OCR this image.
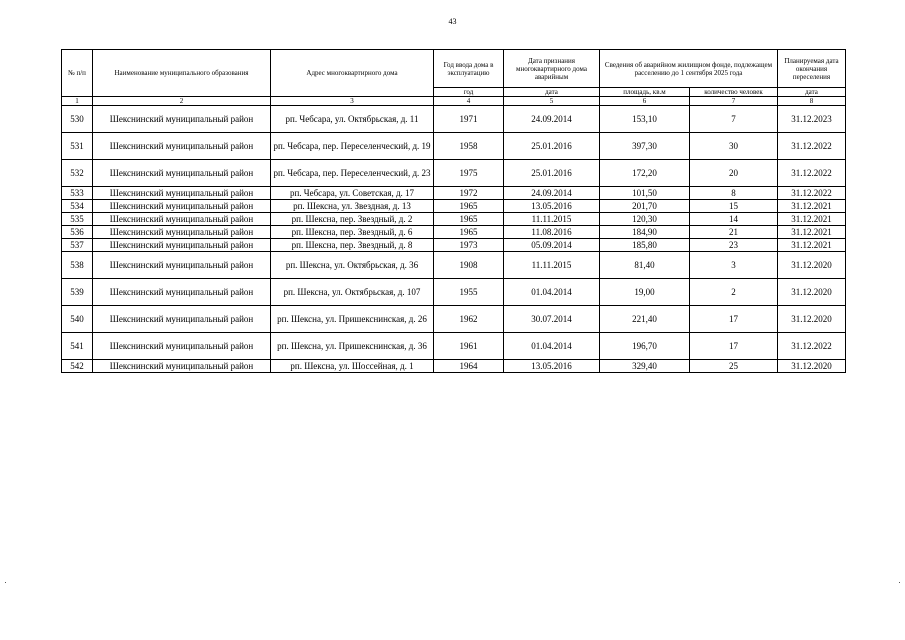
43
№ п/п	Наименование муниципального образования	Адрес многоквартирного дома	Год ввода дома в эксплуатацию	Дата признания многоквартирного дома аварийным	Сведения об аварийном жилищном фонде, подлежащем расселению до 1 сентября 2025 года		Планируемая дата окончания переселения
			год	дата	площадь, кв.м	количество человек	дата
1	2	3	4	5	6	7	8
530	Шекснинский муниципальный район	рп. Чебсара, ул. Октябрьская, д. 11	1971	24.09.2014	153,10	7	31.12.2023
531	Шекснинский муниципальный район	рп. Чебсара, пер. Переселенческий, д. 19	1958	25.01.2016	397,30	30	31.12.2022
532	Шекснинский муниципальный район	рп. Чебсара, пер. Переселенческий, д. 23	1975	25.01.2016	172,20	20	31.12.2022
533	Шекснинский муниципальный район	рп. Чебсара, ул. Советская, д. 17	1972	24.09.2014	101,50	8	31.12.2022
534	Шекснинский муниципальный район	рп. Шексна, ул. Звездная, д. 13	1965	13.05.2016	201,70	15	31.12.2021
535	Шекснинский муниципальный район	рп. Шексна, пер. Звездный, д. 2	1965	11.11.2015	120,30	14	31.12.2021
536	Шекснинский муниципальный район	рп. Шексна, пер. Звездный, д. 6	1965	11.08.2016	184,90	21	31.12.2021
537	Шекснинский муниципальный район	рп. Шексна, пер. Звездный, д. 8	1973	05.09.2014	185,80	23	31.12.2021
538	Шекснинский муниципальный район	рп. Шексна, ул. Октябрьская, д. 36	1908	11.11.2015	81,40	3	31.12.2020
539	Шекснинский муниципальный район	рп. Шексна, ул. Октябрьская, д. 107	1955	01.04.2014	19,00	2	31.12.2020
540	Шекснинский муниципальный район	рп. Шексна, ул. Пришекснинская, д. 26	1962	30.07.2014	221,40	17	31.12.2020
541	Шекснинский муниципальный район	рп. Шексна, ул. Пришекснинская, д. 36	1961	01.04.2014	196,70	17	31.12.2022
542	Шекснинский муниципальный район	рп. Шексна, ул. Шоссейная, д. 1	1964	13.05.2016	329,40	25	31.12.2020
